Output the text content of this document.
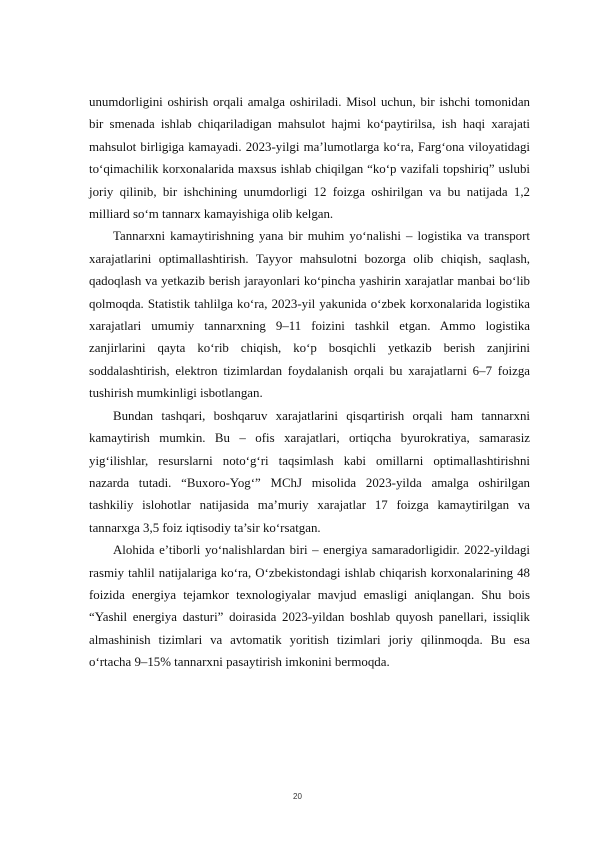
unumdorligini oshirish orqali amalga oshiriladi. Misol uchun, bir ishchi tomonidan bir smenada ishlab chiqariladigan mahsulot hajmi ko‘paytirilsa, ish haqi xarajati mahsulot birligiga kamayadi. 2023-yilgi ma’lumotlarga ko‘ra, Farg‘ona viloyatidagi to‘qimachilik korxonalarida maxsus ishlab chiqilgan “ko‘p vazifali topshiriq” uslubi joriy qilinib, bir ishchining unumdorligi 12 foizga oshirilgan va bu natijada 1,2 milliard so‘m tannarx kamayishiga olib kelgan.

Tannarxni kamaytirishning yana bir muhim yo‘nalishi – logistika va transport xarajatlarini optimallashtirish. Tayyor mahsulotni bozorga olib chiqish, saqlash, qadoqlash va yetkazib berish jarayonlari ko‘pincha yashirin xarajatlar manbai bo‘lib qolmoqda. Statistik tahlilga ko‘ra, 2023-yil yakunida o‘zbek korxonalarida logistika xarajatlari umumiy tannarxning 9–11 foizini tashkil etgan. Ammo logistika zanjirlarini qayta ko‘rib chiqish, ko‘p bosqichli yetkazib berish zanjirini soddalashtirish, elektron tizimlardan foydalanish orqali bu xarajatlarni 6–7 foizga tushirish mumkinligi isbotlangan.

Bundan tashqari, boshqaruv xarajatlarini qisqartirish orqali ham tannarxni kamaytirish mumkin. Bu – ofis xarajatlari, ortiqcha byurokratiya, samarasiz yig‘ilishlar, resurslarni noto‘g‘ri taqsimlash kabi omillarni optimallashtirishni nazarda tutadi. “Buxoro-Yog‘” MChJ misolida 2023-yilda amalga oshirilgan tashkiliy islohotlar natijasida ma’muriy xarajatlar 17 foizga kamaytirilgan va tannarxga 3,5 foiz iqtisodiy ta’sir ko‘rsatgan.

Alohida e’tiborli yo‘nalishlardan biri – energiya samaradorligidir. 2022-yildagi rasmiy tahlil natijalariga ko‘ra, O‘zbekistondagi ishlab chiqarish korxonalarining 48 foizida energiya tejamkor texnologiyalar mavjud emasligi aniqlangan. Shu bois “Yashil energiya dasturi” doirasida 2023-yildan boshlab quyosh panellari, issiqlik almashinish tizimlari va avtomatik yoritish tizimlari joriy qilinmoqda. Bu esa o‘rtacha 9–15% tannarxni pasaytirish imkonini bermoqda.

20
